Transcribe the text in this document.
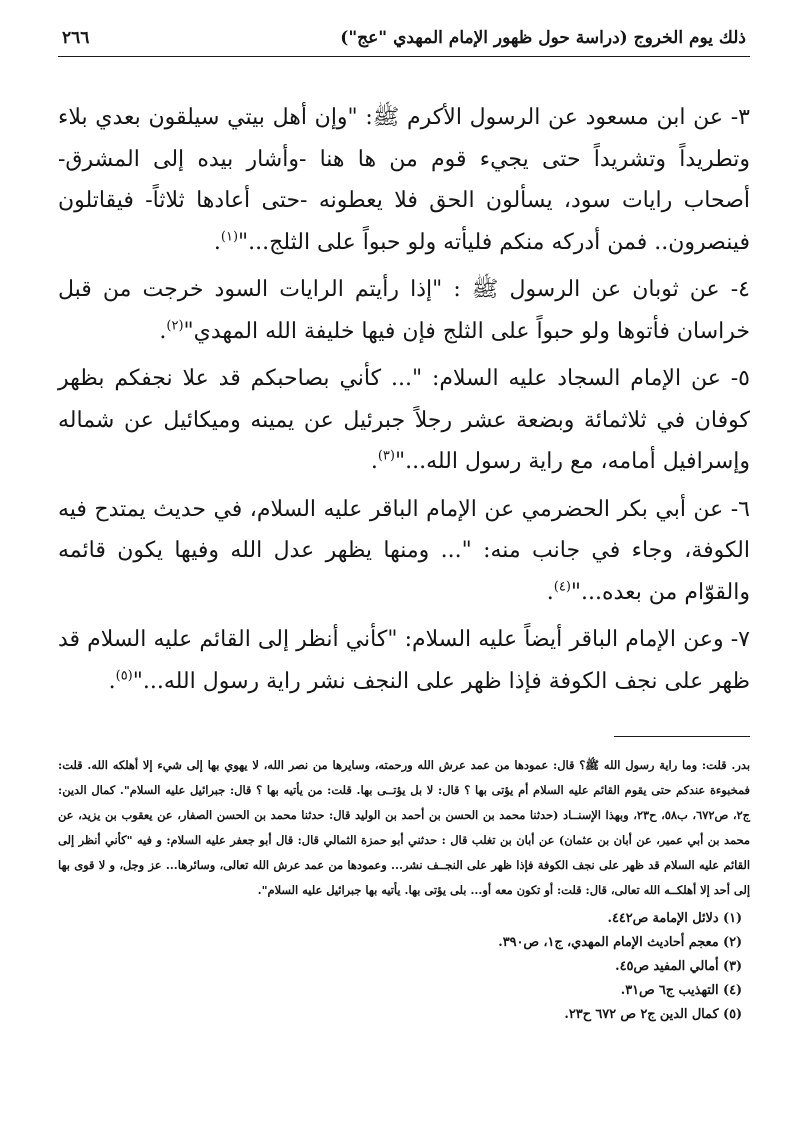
ذلك يوم الخروج (دراسة حول ظهور الإمام المهدي "عج")
٢٦٦

٣- عن ابن مسعود عن الرسول الأكرم ﷺ: "وإن أهل بيتي سيلقون بعدي بلاء وتطريداً وتشريداً حتى يجيء قوم من ها هنا -وأشار بيده إلى المشرق- أصحاب رايات سود، يسألون الحق فلا يعطونه -حتى أعادها ثلاثاً- فيقاتلون فينصرون.. فمن أدركه منكم فليأته ولو حبواً على الثلج..."$^{(١)}$.

٤- عن ثوبان عن الرسول ﷺ : "إذا رأيتم الرايات السود خرجت من قبل خراسان فأتوها ولو حبواً على الثلج فإن فيها خليفة الله المهدي"$^{(٢)}$.

٥- عن الإمام السجاد عليه السلام: "... كأني بصاحبكم قد علا نجفكم بظهر كوفان في ثلاثمائة وبضعة عشر رجلاً جبرئيل عن يمينه وميكائيل عن شماله وإسرافيل أمامه، مع راية رسول الله..."$^{(٣)}$.

٦- عن أبي بكر الحضرمي عن الإمام الباقر عليه السلام، في حديث يمتدح فيه الكوفة، وجاء في جانب منه: "... ومنها يظهر عدل الله وفيها يكون قائمه والقوّام من بعده..."$^{(٤)}$.

٧- وعن الإمام الباقر أيضاً عليه السلام: "كأني أنظر إلى القائم عليه السلام قد ظهر على نجف الكوفة فإذا ظهر على النجف نشر راية رسول الله..."$^{(٥)}$.

بدر. قلت: وما راية رسول الله ﷺ؟ قال: عمودها من عمد عرش الله ورحمته، وسايرها من نصر الله، لا يهوي بها إلى شيء إلا أهلكه الله. قلت: فمخبوءة عندكم حتى يقوم القائم عليه السلام أم يؤتى بها ؟ قال: لا بل يؤتــى بها. قلت: من يأتيه بها ؟ قال: جبرائيل عليه السلام". كمال الدين: ج٢، ص٦٧٢، ب٥٨، ح٢٣، وبهذا الإسنــاد (حدثنا محمد بن الحسن بن أحمد بن الوليد قال: حدثنا محمد بن الحسن الصفار، عن يعقوب بن يزيد، عن محمد بن أبي عمير، عن أبان بن عثمان) عن أبان بن تغلب قال : حدثني أبو حمزة الثمالي قال: قال أبو جعفر عليه السلام: و فيه "كأني أنظر إلى القائم عليه السلام قد ظهر على نجف الكوفة فإذا ظهر على النجــف نشر... وعمودها من عمد عرش الله تعالى، وسائرها... عز وجل، و لا قوى بها إلى أحد إلا أهلكــه الله تعالى، قال: قلت: أو تكون معه أو... بلى يؤتى بها. يأتيه بها جبرائيل عليه السلام".

(١) دلائل الإمامة ص٤٤٢.

(٢) معجم أحاديث الإمام المهدي، ج١، ص٣٩٠.

(٣) أمالي المفيد ص٤٥.

(٤) التهذيب ج٦ ص٣١.

(٥) كمال الدين ج٢ ص ٦٧٢ ح٢٣.
